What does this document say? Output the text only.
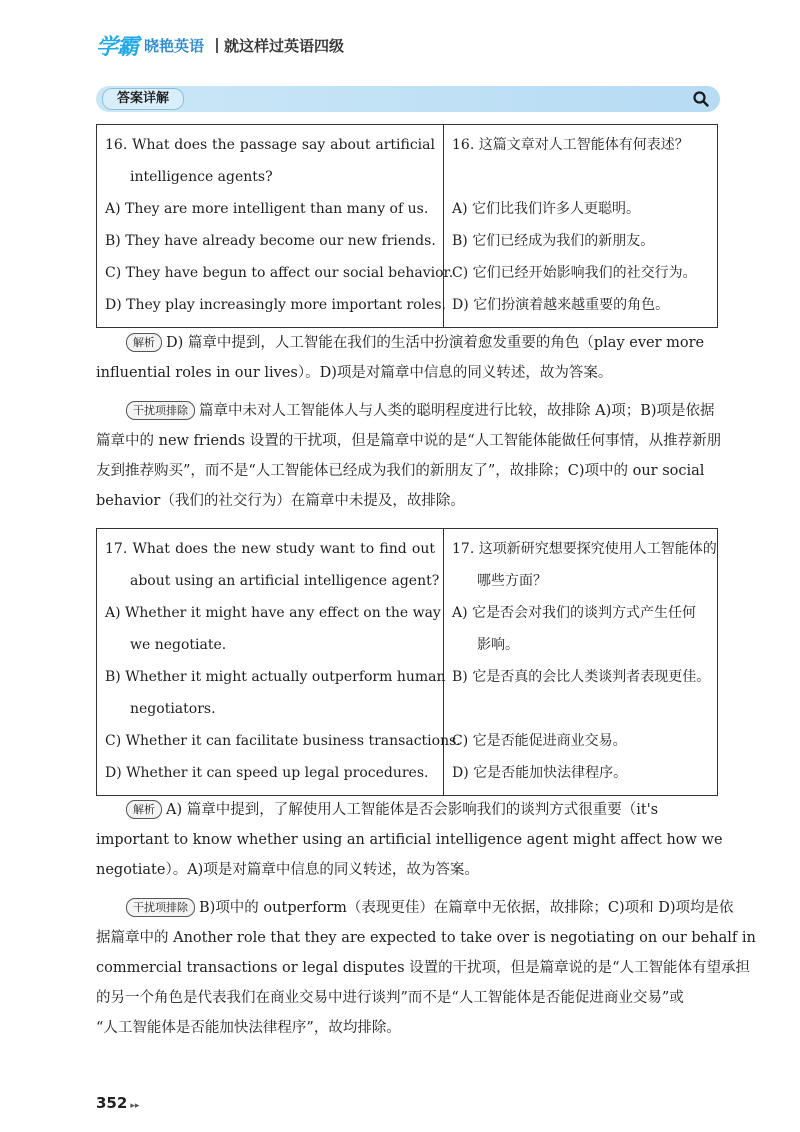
学霸 晓艳英语 就这样过英语四级
答案详解
16. What does the passage say about artificial
intelligence agents?
A) They are more intelligent than many of us.
B) They have already become our new friends.
C) They have begun to affect our social behavior.
D) They play increasingly more important roles.

16. 这篇文章对人工智能体有何表述？
A) 它们比我们许多人更聪明。
B) 它们已经成为我们的新朋友。
C) 它们已经开始影响我们的社交行为。
D) 它们扮演着越来越重要的角色。
解析 D) 篇章中提到，人工智能在我们的生活中扮演着愈发重要的角色（play ever more
influential roles in our lives）。D)项是对篇章中信息的同义转述，故为答案。
干扰项排除 篇章中未对人工智能体人与人类的聪明程度进行比较，故排除 A)项；B)项是依据
篇章中的 new friends 设置的干扰项，但是篇章中说的是“人工智能体能做任何事情，从推荐新朋
友到推荐购买”，而不是“人工智能体已经成为我们的新朋友了”，故排除；C)项中的 our social
behavior（我们的社交行为）在篇章中未提及，故排除。
17. What does the new study want to find out
about using an artificial intelligence agent?
A) Whether it might have any effect on the way
we negotiate.
B) Whether it might actually outperform human
negotiators.
C) Whether it can facilitate business transactions.
D) Whether it can speed up legal procedures.

17. 这项新研究想要探究使用人工智能体的
哪些方面？
A) 它是否会对我们的谈判方式产生任何
影响。
B) 它是否真的会比人类谈判者表现更佳。
C) 它是否能促进商业交易。
D) 它是否能加快法律程序。
解析 A) 篇章中提到，了解使用人工智能体是否会影响我们的谈判方式很重要（it's
important to know whether using an artificial intelligence agent might affect how we
negotiate）。A)项是对篇章中信息的同义转述，故为答案。
干扰项排除 B)项中的 outperform（表现更佳）在篇章中无依据，故排除；C)项和 D)项均是依
据篇章中的 Another role that they are expected to take over is negotiating on our behalf in
commercial transactions or legal disputes 设置的干扰项，但是篇章说的是“人工智能体有望承担
的另一个角色是代表我们在商业交易中进行谈判”而不是“人工智能体是否能促进商业交易”或
“人工智能体是否能加快法律程序”，故均排除。
352 ▸▸
